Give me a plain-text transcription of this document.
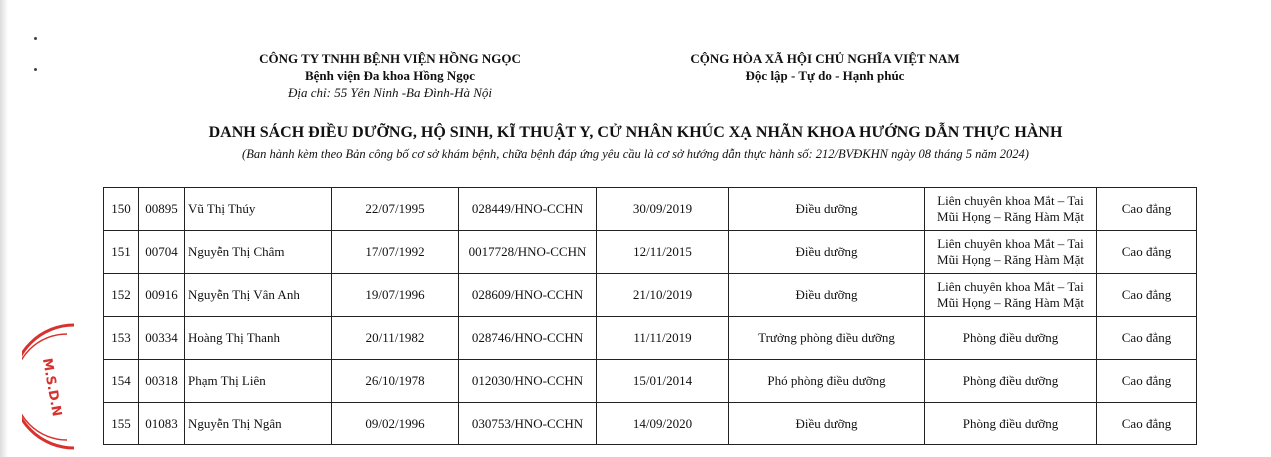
CÔNG TY TNHH BỆNH VIỆN HỒNG NGỌC
Bệnh viện Đa khoa Hồng Ngọc
Địa chỉ: 55 Yên Ninh -Ba Đình-Hà Nội
CỘNG HÒA XÃ HỘI CHỦ NGHĨA VIỆT NAM
Độc lập - Tự do - Hạnh phúc
DANH SÁCH ĐIỀU DƯỠNG, HỘ SINH, KĨ THUẬT Y, CỬ NHÂN KHÚC XẠ NHÃN KHOA HƯỚNG DẪN THỰC HÀNH
(Ban hành kèm theo Bản công bố cơ sở khám bệnh, chữa bệnh đáp ứng yêu cầu là cơ sở hướng dẫn thực hành số: 212/BVĐKHN ngày 08 tháng 5 năm 2024)
150	00895	Vũ Thị Thúy	22/07/1995	028449/HNO-CCHN	30/09/2019	Điều dưỡng	Liên chuyên khoa Mắt – Tai Mũi Họng – Răng Hàm Mặt	Cao đẳng
151	00704	Nguyễn Thị Châm	17/07/1992	0017728/HNO-CCHN	12/11/2015	Điều dưỡng	Liên chuyên khoa Mắt – Tai Mũi Họng – Răng Hàm Mặt	Cao đẳng
152	00916	Nguyễn Thị Vân Anh	19/07/1996	028609/HNO-CCHN	21/10/2019	Điều dưỡng	Liên chuyên khoa Mắt – Tai Mũi Họng – Răng Hàm Mặt	Cao đẳng
153	00334	Hoàng Thị Thanh	20/11/1982	028746/HNO-CCHN	11/11/2019	Trưởng phòng điều dưỡng	Phòng điều dưỡng	Cao đẳng
154	00318	Phạm Thị Liên	26/10/1978	012030/HNO-CCHN	15/01/2014	Phó phòng điều dưỡng	Phòng điều dưỡng	Cao đẳng
155	01083	Nguyễn Thị Ngân	09/02/1996	030753/HNO-CCHN	14/09/2020	Điều dưỡng	Phòng điều dưỡng	Cao đẳng
M.S.D.N
